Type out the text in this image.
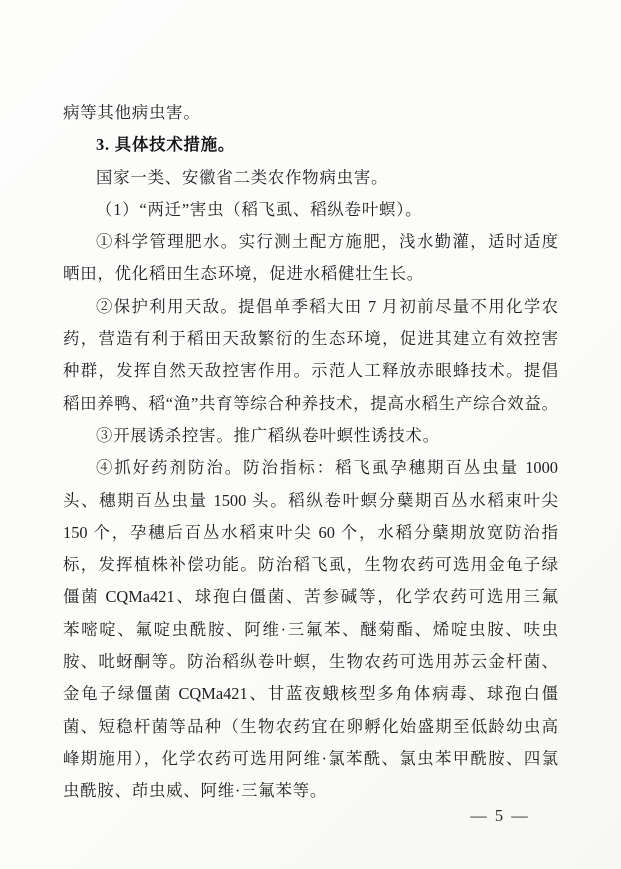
病等其他病虫害。
3. 具体技术措施。
国家一类、安徽省二类农作物病虫害。
（1）“两迁”害虫（稻飞虱、稻纵卷叶螟）。
①科学管理肥水。实行测土配方施肥，浅水勤灌，适时适度
晒田，优化稻田生态环境，促进水稻健壮生长。
②保护利用天敌。提倡单季稻大田 7 月初前尽量不用化学农
药，营造有利于稻田天敌繁衍的生态环境，促进其建立有效控害
种群，发挥自然天敌控害作用。示范人工释放赤眼蜂技术。提倡
稻田养鸭、稻“渔”共育等综合种养技术，提高水稻生产综合效益。
③开展诱杀控害。推广稻纵卷叶螟性诱技术。
④抓好药剂防治。防治指标：稻飞虱孕穗期百丛虫量 1000
头、穗期百丛虫量 1500 头。稻纵卷叶螟分蘖期百丛水稻束叶尖
150 个，孕穗后百丛水稻束叶尖 60 个，水稻分蘖期放宽防治指
标，发挥植株补偿功能。防治稻飞虱，生物农药可选用金龟子绿
僵菌 CQMa421、球孢白僵菌、苦参碱等，化学农药可选用三氟
苯嘧啶、氟啶虫酰胺、阿维·三氟苯、醚菊酯、烯啶虫胺、呋虫
胺、吡蚜酮等。防治稻纵卷叶螟，生物农药可选用苏云金杆菌、
金龟子绿僵菌 CQMa421、甘蓝夜蛾核型多角体病毒、球孢白僵
菌、短稳杆菌等品种（生物农药宜在卵孵化始盛期至低龄幼虫高
峰期施用），化学农药可选用阿维·氯苯酰、氯虫苯甲酰胺、四氯
虫酰胺、茚虫威、阿维·三氟苯等。
— 5 —
